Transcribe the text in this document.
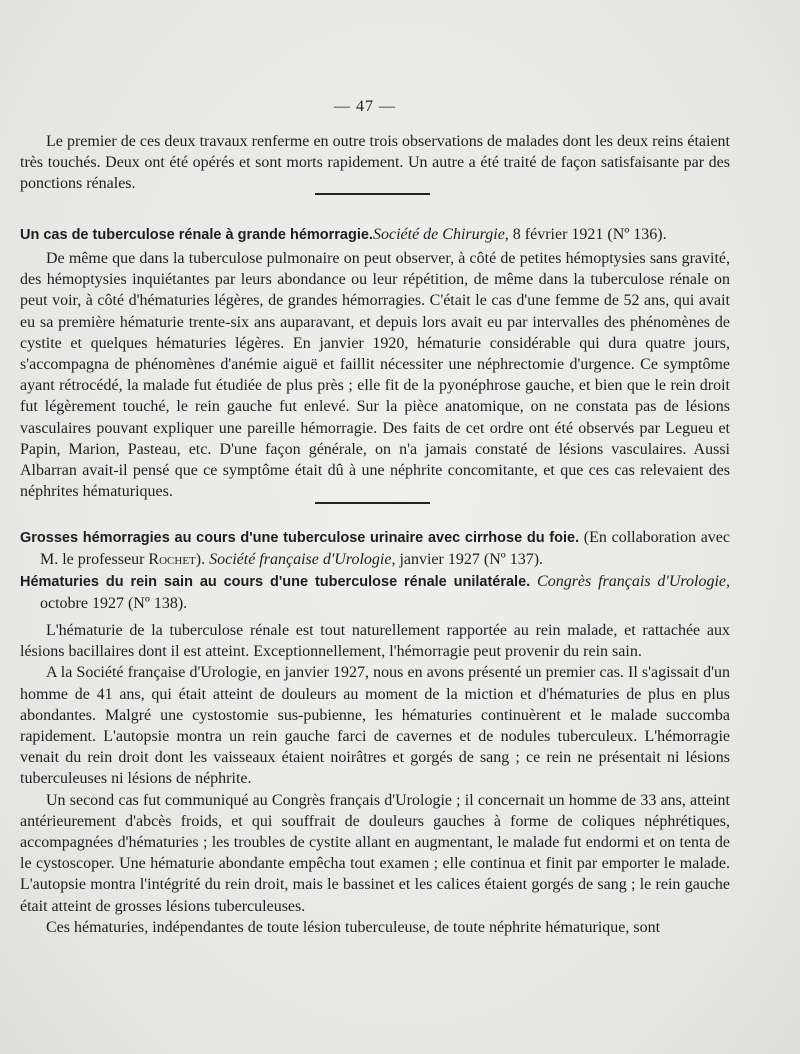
— 47 —

Le premier de ces deux travaux renferme en outre trois observations de malades dont les deux reins étaient très touchés. Deux ont été opérés et sont morts rapidement. Un autre a été traité de façon satisfaisante par des ponctions rénales.

Un cas de tuberculose rénale à grande hémorragie.Société de Chirurgie, 8 février 1921 (Nº 136).

De même que dans la tuberculose pulmonaire on peut observer, à côté de petites hémoptysies sans gravité, des hémoptysies inquiétantes par leurs abondance ou leur répétition, de même dans la tuberculose rénale on peut voir, à côté d'hématuries légères, de grandes hémorragies. C'était le cas d'une femme de 52 ans, qui avait eu sa première hématurie trente-six ans auparavant, et depuis lors avait eu par intervalles des phénomènes de cystite et quelques hématuries légères. En janvier 1920, hématurie considérable qui dura quatre jours, s'accompagna de phénomènes d'anémie aiguë et faillit nécessiter une néphrectomie d'urgence. Ce symptôme ayant rétrocédé, la malade fut étudiée de plus près ; elle fit de la pyonéphrose gauche, et bien que le rein droit fut légèrement touché, le rein gauche fut enlevé. Sur la pièce anatomique, on ne constata pas de lésions vasculaires pouvant expliquer une pareille hémorragie. Des faits de cet ordre ont été observés par Legueu et Papin, Marion, Pasteau, etc. D'une façon générale, on n'a jamais constaté de lésions vasculaires. Aussi Albarran avait-il pensé que ce symptôme était dû à une néphrite concomitante, et que ces cas relevaient des néphrites hématuriques.

Grosses hémorragies au cours d'une tuberculose urinaire avec cirrhose du foie. (En collaboration avec M. le professeur Rochet). Société française d'Urologie, janvier 1927 (Nº 137).

Hématuries du rein sain au cours d'une tuberculose rénale unilatérale. Congrès français d'Urologie, octobre 1927 (Nº 138).

L'hématurie de la tuberculose rénale est tout naturellement rapportée au rein malade, et rattachée aux lésions bacillaires dont il est atteint. Exceptionnellement, l'hémorragie peut provenir du rein sain.

A la Société française d'Urologie, en janvier 1927, nous en avons présenté un premier cas. Il s'agissait d'un homme de 41 ans, qui était atteint de douleurs au moment de la miction et d'hématuries de plus en plus abondantes. Malgré une cystostomie sus-pubienne, les hématuries continuèrent et le malade succomba rapidement. L'autopsie montra un rein gauche farci de cavernes et de nodules tuberculeux. L'hémorragie venait du rein droit dont les vaisseaux étaient noirâtres et gorgés de sang ; ce rein ne présentait ni lésions tuberculeuses ni lésions de néphrite.

Un second cas fut communiqué au Congrès français d'Urologie ; il concernait un homme de 33 ans, atteint antérieurement d'abcès froids, et qui souffrait de douleurs gauches à forme de coliques néphrétiques, accompagnées d'hématuries ; les troubles de cystite allant en augmentant, le malade fut endormi et on tenta de le cystoscoper. Une hématurie abondante empêcha tout examen ; elle continua et finit par emporter le malade. L'autopsie montra l'intégrité du rein droit, mais le bassinet et les calices étaient gorgés de sang ; le rein gauche était atteint de grosses lésions tuberculeuses.

Ces hématuries, indépendantes de toute lésion tuberculeuse, de toute néphrite hématurique, sont
